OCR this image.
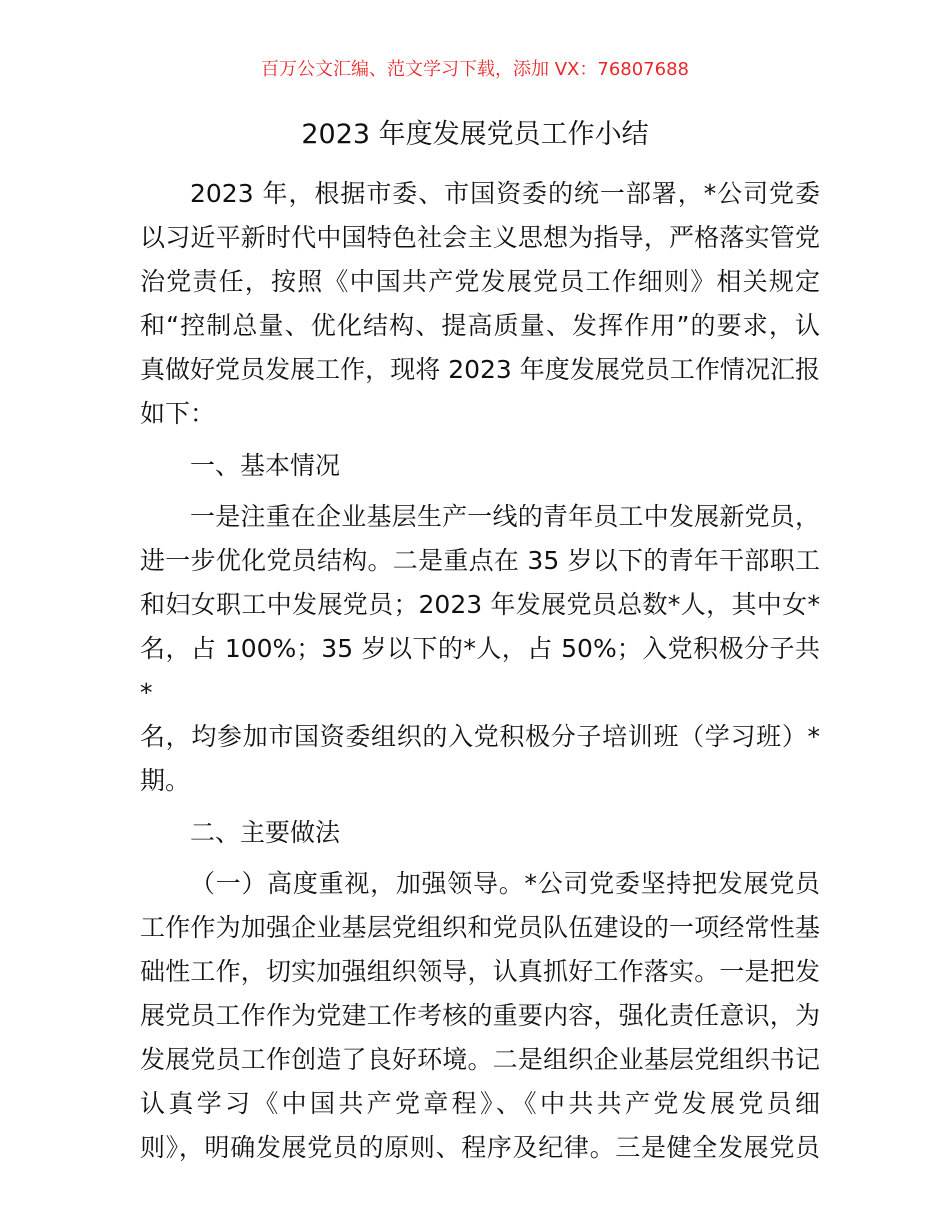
百万公文汇编、范文学习下载，添加 VX：76807688
2023 年度发展党员工作小结
2023 年，根据市委、市国资委的统一部署，*公司党委
以习近平新时代中国特色社会主义思想为指导，严格落实管党
治党责任，按照《中国共产党发展党员工作细则》相关规定
和“控制总量、优化结构、提高质量、发挥作用”的要求，认
真做好党员发展工作，现将 2023 年度发展党员工作情况汇报
如下：
一、基本情况
一是注重在企业基层生产一线的青年员工中发展新党员，
进一步优化党员结构。二是重点在 35 岁以下的青年干部职工
和妇女职工中发展党员；2023 年发展党员总数*人，其中女*
名，占 100%；35 岁以下的*人，占 50%；入党积极分子共*
名，均参加市国资委组织的入党积极分子培训班（学习班）*
期。
二、主要做法
（一）高度重视，加强领导。*公司党委坚持把发展党员
工作作为加强企业基层党组织和党员队伍建设的一项经常性基
础性工作，切实加强组织领导，认真抓好工作落实。一是把发
展党员工作作为党建工作考核的重要内容，强化责任意识，为
发展党员工作创造了良好环境。二是组织企业基层党组织书记
认真学习《中国共产党章程》、《中共共产党发展党员细
则》，明确发展党员的原则、程序及纪律。三是健全发展党员
